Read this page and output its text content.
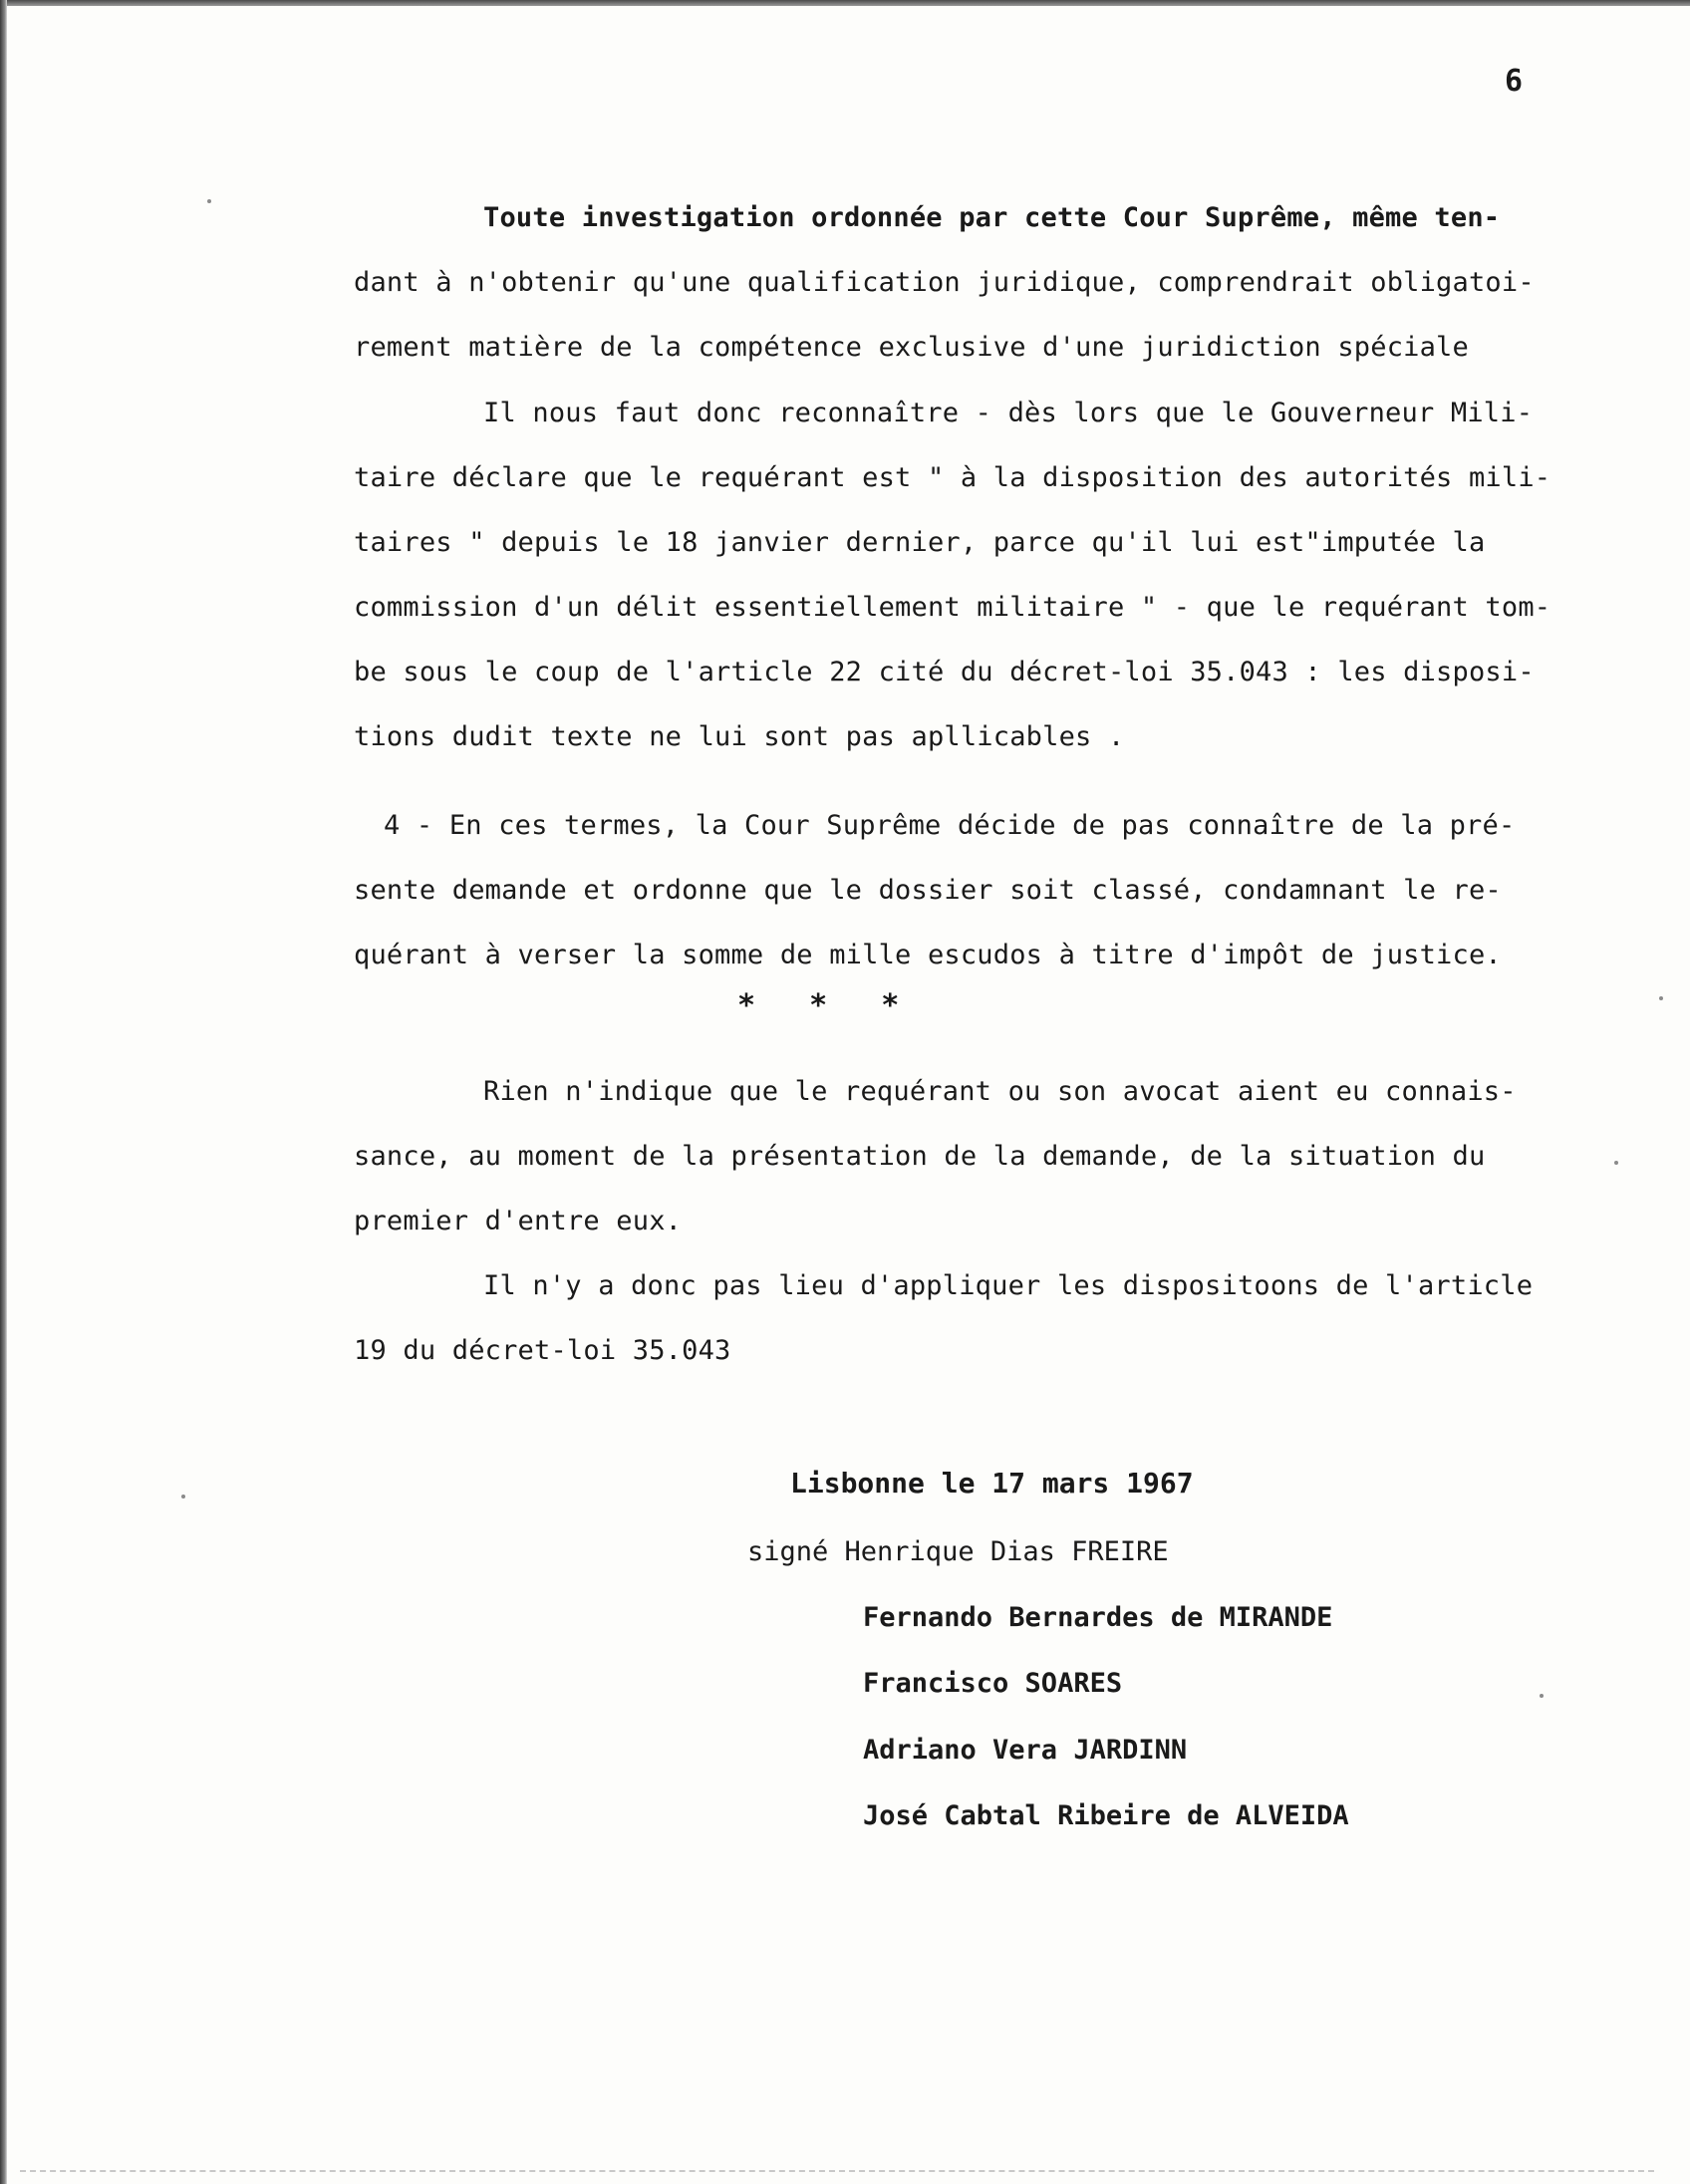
6
Toute investigation ordonnée par cette Cour Suprême, même ten-
dant à n'obtenir qu'une qualification juridique, comprendrait obligatoi-
rement matière de la compétence exclusive d'une juridiction spéciale
Il nous faut donc reconnaître - dès lors que le Gouverneur Mili-
taire déclare que le requérant est " à la disposition des autorités mili-
taires " depuis le 18 janvier dernier, parce qu'il lui est"imputée la
commission d'un délit essentiellement militaire " - que le requérant tom-
be sous le coup de l'article 22 cité du décret-loi 35.043 : les disposi-
tions dudit texte ne lui sont pas apllicables .
4 - En ces termes, la Cour Suprême décide de pas connaître de la pré-
sente demande et ordonne que le dossier soit classé, condamnant le re-
quérant à verser la somme de mille escudos à titre d'impôt de justice.
* * *
Rien n'indique que le requérant ou son avocat aient eu connais-
sance, au moment de la présentation de la demande, de la situation du
premier d'entre eux.
Il n'y a donc pas lieu d'appliquer les dispositoons de l'article
19 du décret-loi 35.043
Lisbonne le 17 mars 1967
signé Henrique Dias FREIRE
Fernando Bernardes de MIRANDE
Francisco SOARES
Adriano Vera JARDINN
José Cabtal Ribeire de ALVEIDA
